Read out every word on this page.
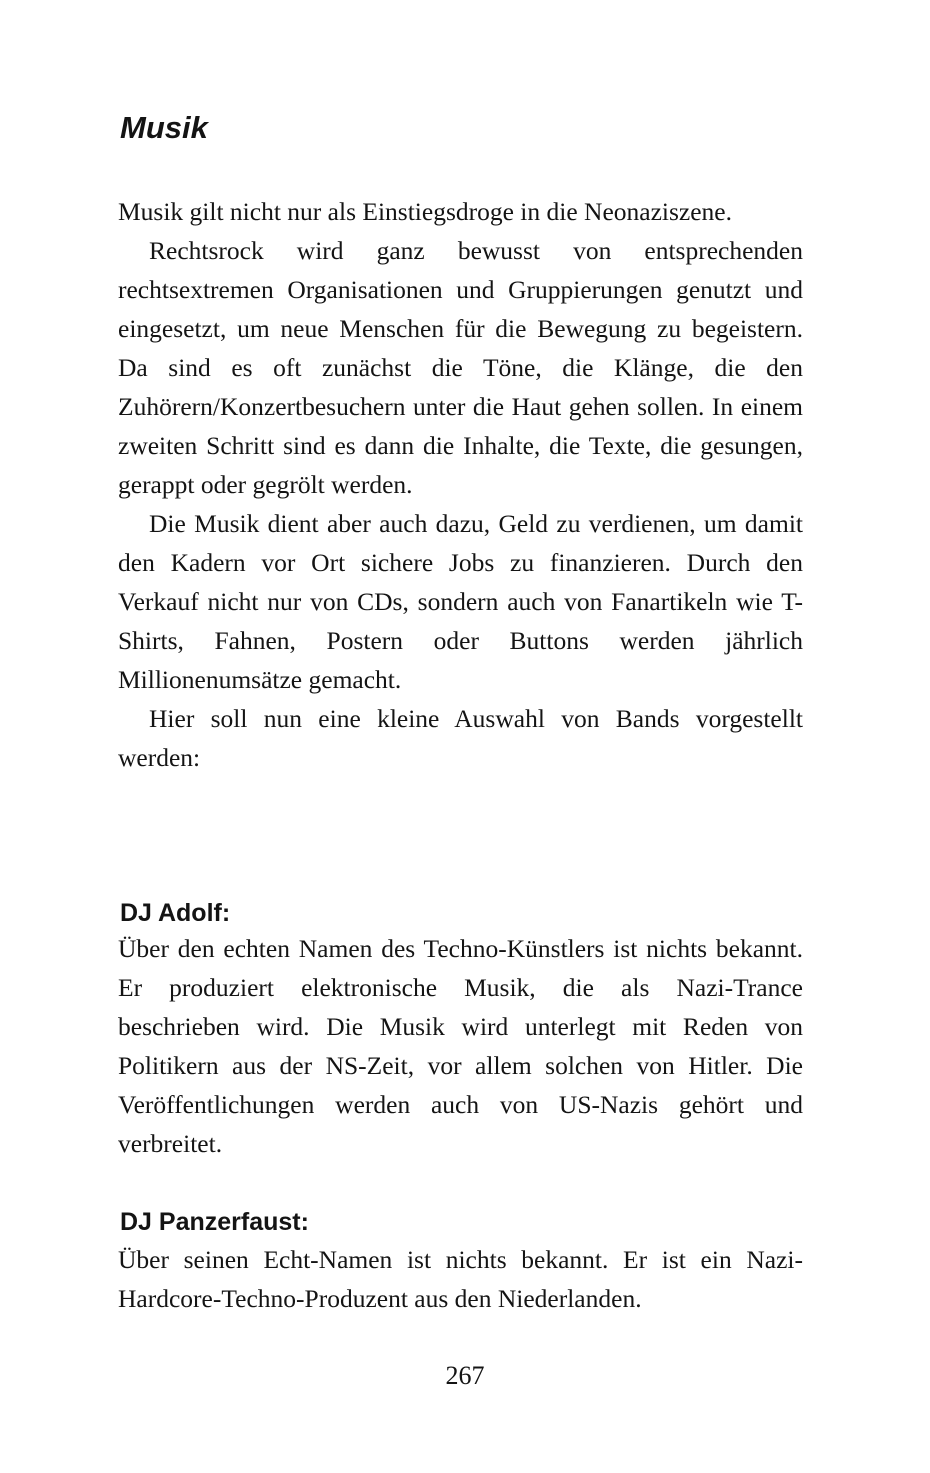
Musik

Musik gilt nicht nur als Einstiegsdroge in die Neonaziszene.

Rechtsrock wird ganz bewusst von entsprechenden rechtsextremen Organisationen und Gruppierungen genutzt und eingesetzt, um neue Menschen für die Bewegung zu begeistern. Da sind es oft zunächst die Töne, die Klänge, die den Zuhörern/Konzertbesuchern unter die Haut gehen sollen. In einem zweiten Schritt sind es dann die Inhalte, die Texte, die gesungen, gerappt oder gegrölt werden.

Die Musik dient aber auch dazu, Geld zu verdienen, um damit den Kadern vor Ort sichere Jobs zu finanzieren. Durch den Verkauf nicht nur von CDs, sondern auch von Fanartikeln wie T-Shirts, Fahnen, Postern oder Buttons werden jährlich Millionenumsätze gemacht.

Hier soll nun eine kleine Auswahl von Bands vorgestellt werden:

DJ Adolf:

Über den echten Namen des Techno-Künstlers ist nichts bekannt. Er produziert elektronische Musik, die als Nazi-Trance beschrieben wird. Die Musik wird unterlegt mit Reden von Politikern aus der NS-Zeit, vor allem solchen von Hitler. Die Veröffentlichungen werden auch von US-Nazis gehört und verbreitet.

DJ Panzerfaust:

Über seinen Echt-Namen ist nichts bekannt. Er ist ein Nazi-Hardcore-Techno-Produzent aus den Niederlanden.

267
